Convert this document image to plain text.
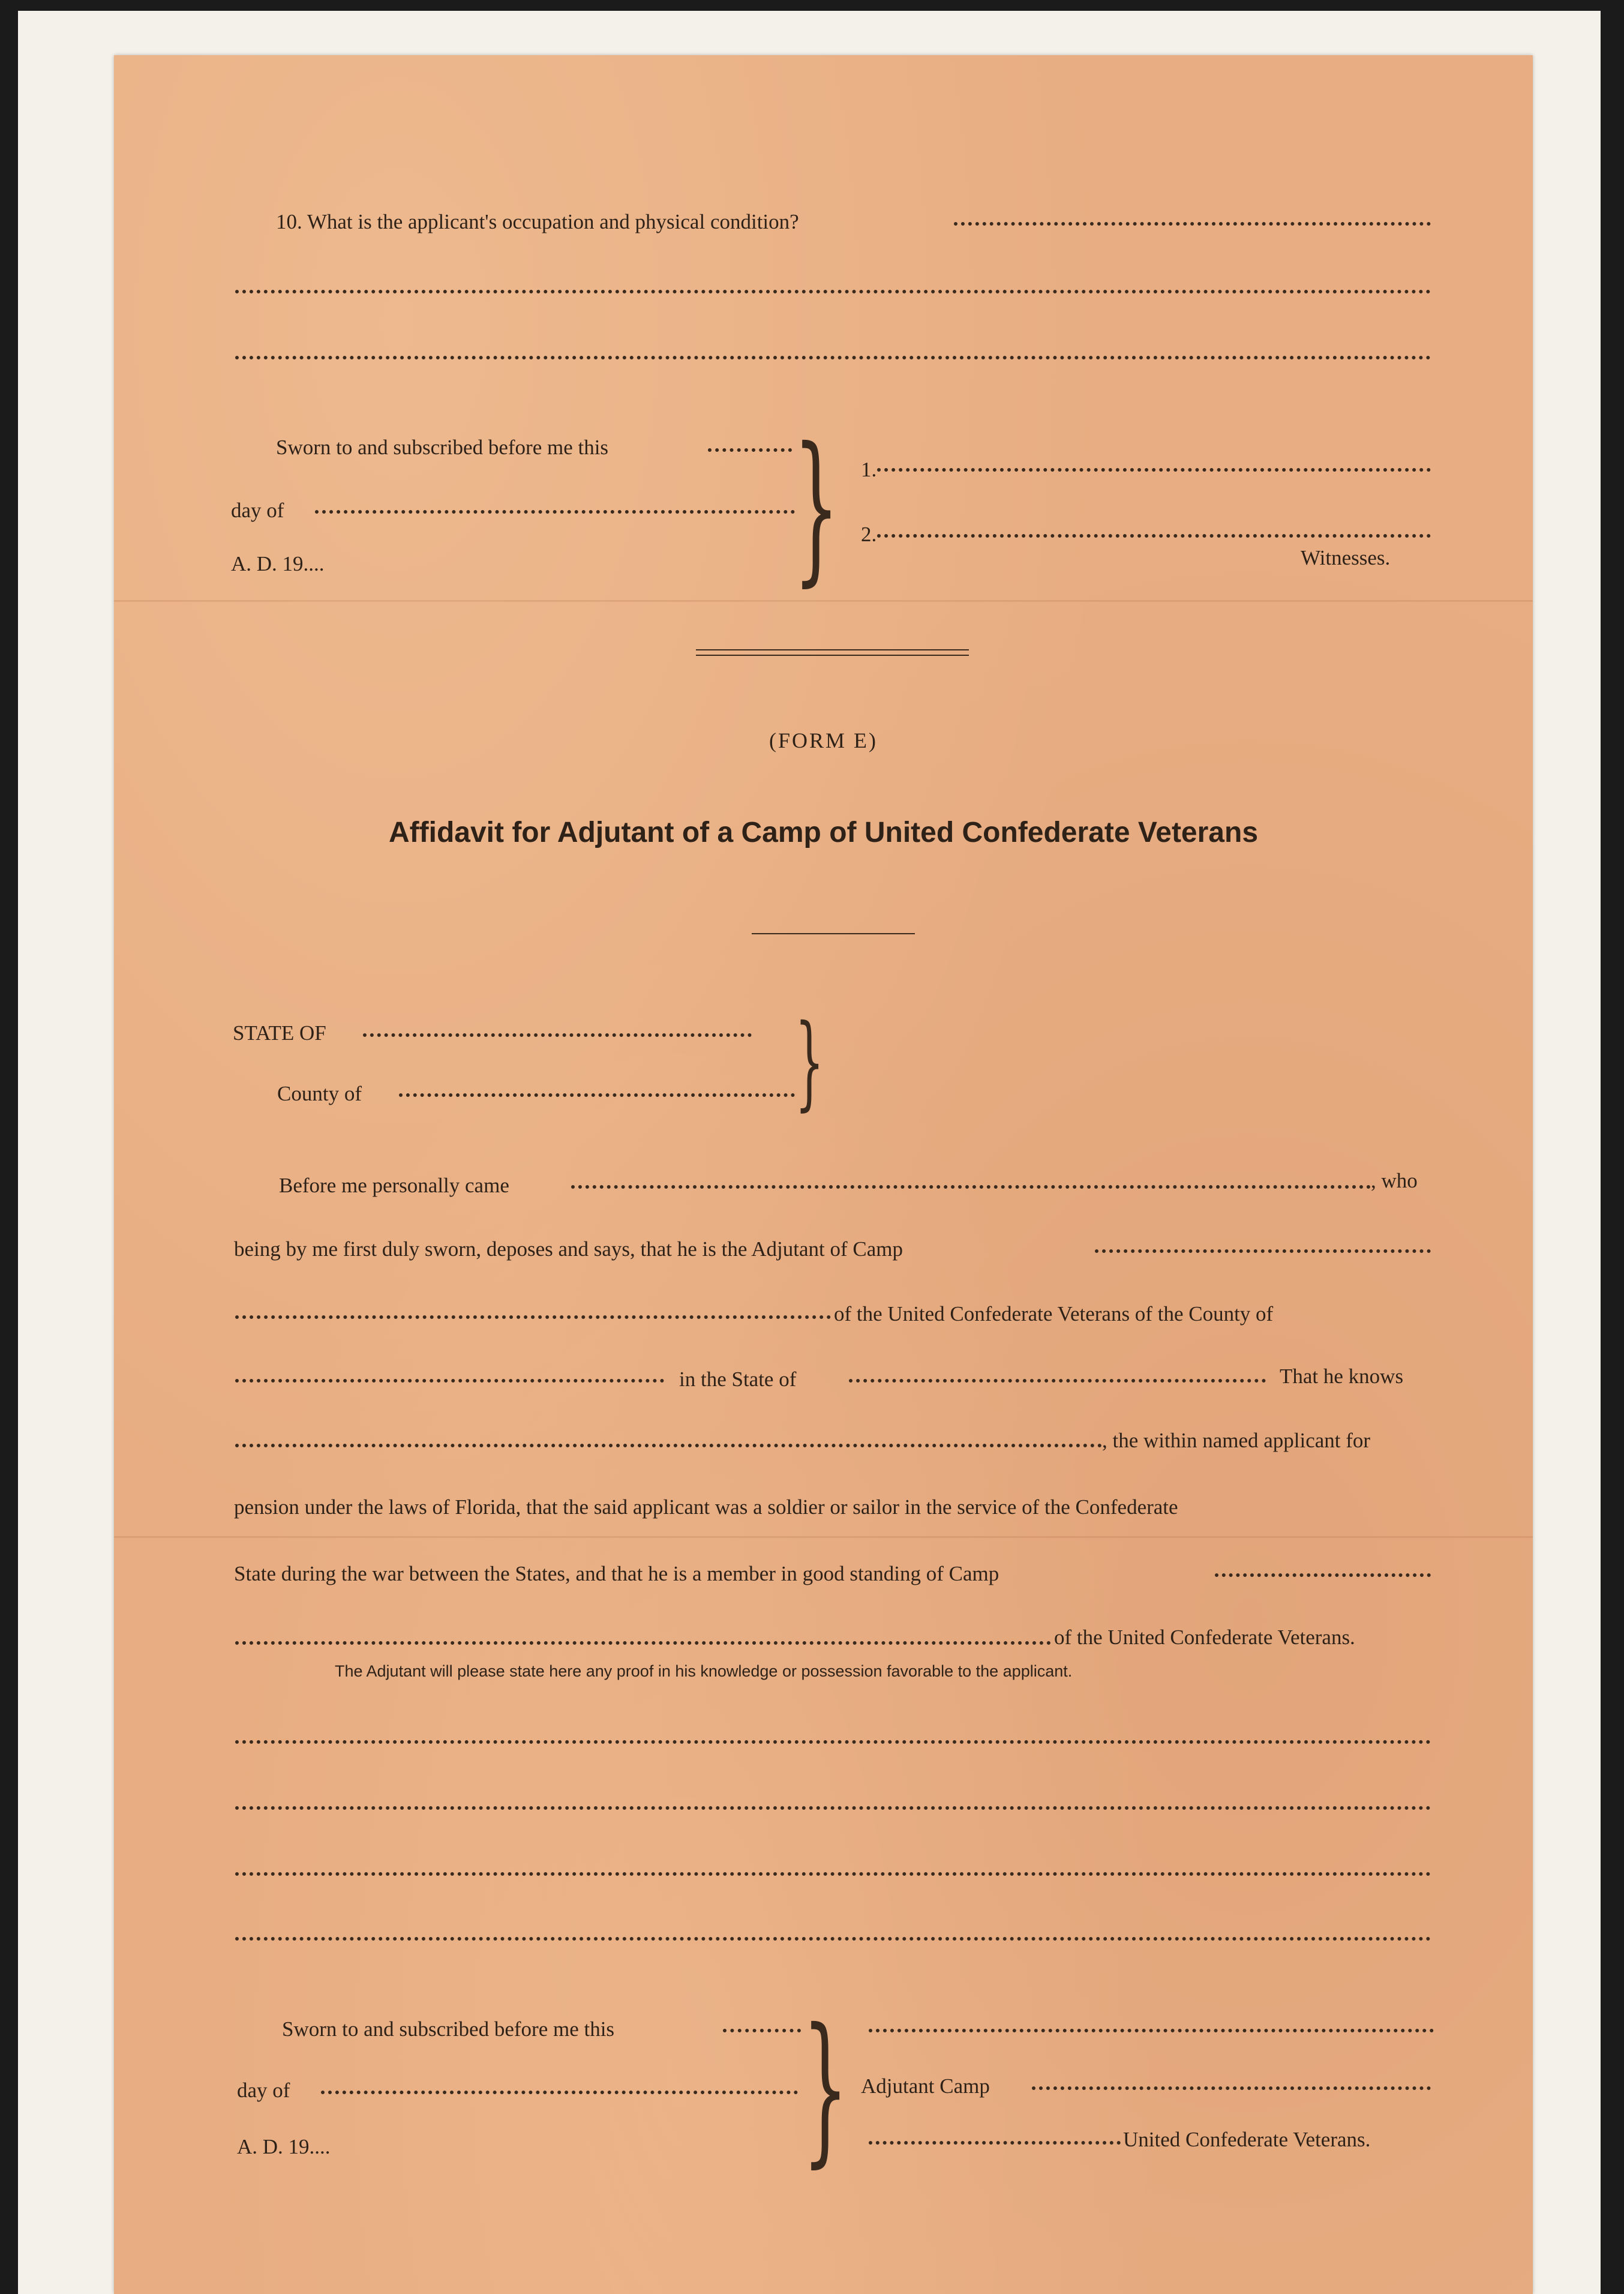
10. What is the applicant's occupation and physical condition?
Sworn to and subscribed before me this
day of
A. D. 19....	} 1.
2.
Witnesses.
(FORM E)
Affidavit for Adjutant of a Camp of United Confederate Veterans
STATE OF
County of	}
Before me personally came	, who
being by me first duly sworn, deposes and says, that he is the Adjutant of Camp
of the United Confederate Veterans of the County of
in the State of	That he knows
, the within named applicant for
pension under the laws of Florida, that the said applicant was a soldier or sailor in the service of the Confederate
State during the war between the States, and that he is a member in good standing of Camp
of the United Confederate Veterans.
The Adjutant will please state here any proof in his knowledge or possession favorable to the applicant.
Sworn to and subscribed before me this
day of
A. D. 19....	} Adjutant Camp
United Confederate Veterans.
